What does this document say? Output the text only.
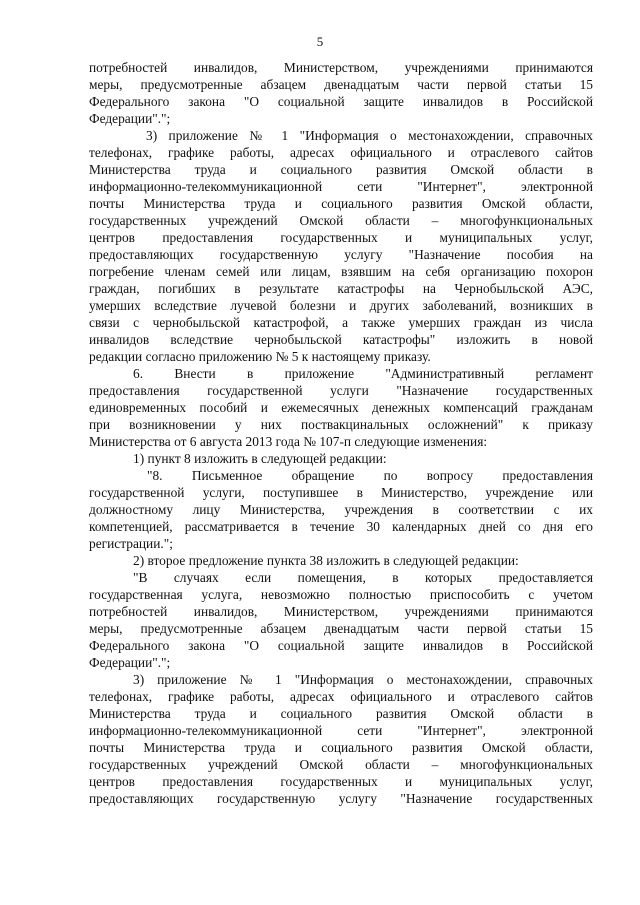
5
потребностей инвалидов, Министерством, учреждениями принимаются
меры, предусмотренные абзацем двенадцатым части первой статьи 15
Федерального закона "О социальной защите инвалидов в Российской
Федерации".";
3) приложение № 1 "Информация о местонахождении, справочных
телефонах, графике работы, адресах официального и отраслевого сайтов
Министерства труда и социального развития Омской области в
информационно-телекоммуникационной сети "Интернет", электронной
почты Министерства труда и социального развития Омской области,
государственных учреждений Омской области – многофункциональных
центров предоставления государственных и муниципальных услуг,
предоставляющих государственную услугу "Назначение пособия на
погребение членам семей или лицам, взявшим на себя организацию похорон
граждан, погибших в результате катастрофы на Чернобыльской АЭС,
умерших вследствие лучевой болезни и других заболеваний, возникших в
связи с чернобыльской катастрофой, а также умерших граждан из числа
инвалидов вследствие чернобыльской катастрофы" изложить в новой
редакции согласно приложению № 5 к настоящему приказу.
6. Внести в приложение "Административный регламент
предоставления государственной услуги "Назначение государственных
единовременных пособий и ежемесячных денежных компенсаций гражданам
при возникновении у них поствакцинальных осложнений" к приказу
Министерства от 6 августа 2013 года № 107-п следующие изменения:
1) пункт 8 изложить в следующей редакции:
"8. Письменное обращение по вопросу предоставления
государственной услуги, поступившее в Министерство, учреждение или
должностному лицу Министерства, учреждения в соответствии с их
компетенцией, рассматривается в течение 30 календарных дней со дня его
регистрации.";
2) второе предложение пункта 38 изложить в следующей редакции:
"В случаях если помещения, в которых предоставляется
государственная услуга, невозможно полностью приспособить с учетом
потребностей инвалидов, Министерством, учреждениями принимаются
меры, предусмотренные абзацем двенадцатым части первой статьи 15
Федерального закона "О социальной защите инвалидов в Российской
Федерации".";
3) приложение № 1 "Информация о местонахождении, справочных
телефонах, графике работы, адресах официального и отраслевого сайтов
Министерства труда и социального развития Омской области в
информационно-телекоммуникационной сети "Интернет", электронной
почты Министерства труда и социального развития Омской области,
государственных учреждений Омской области – многофункциональных
центров предоставления государственных и муниципальных услуг,
предоставляющих государственную услугу "Назначение государственных
